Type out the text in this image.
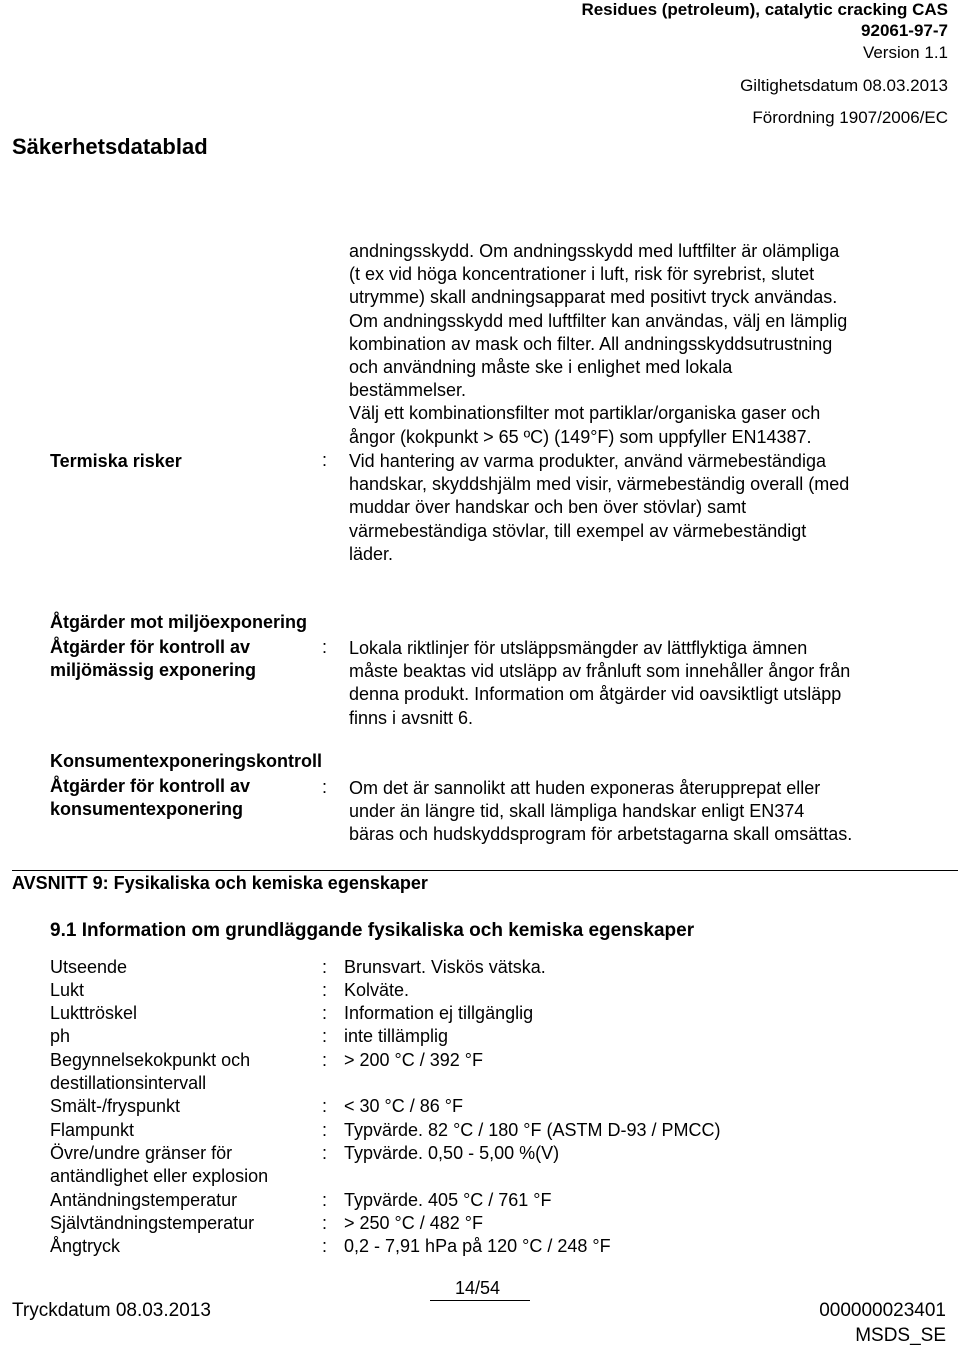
Residues (petroleum), catalytic cracking CAS
92061-97-7
Version 1.1
Giltighetsdatum 08.03.2013
Förordning 1907/2006/EC
Säkerhetsdatablad

andningsskydd. Om andningsskydd med luftfilter är olämpliga

(t ex vid höga koncentrationer i luft, risk för syrebrist, slutet

utrymme) skall andningsapparat med positivt tryck användas.

Om andningsskydd med luftfilter kan användas, välj en lämplig

kombination av mask och filter. All andningsskyddsutrustning

och användning måste ske i enlighet med lokala

bestämmelser.

Välj ett kombinationsfilter mot partiklar/organiska gaser och

ångor (kokpunkt > 65 ºC) (149°F) som uppfyller EN14387.

Termiska risker	: Vid hantering av varma produkter, använd värmebeständiga

handskar, skyddshjälm med visir, värmebeständig overall (med

muddar över handskar och ben över stövlar) samt

värmebeständiga stövlar, till exempel av värmebeständigt

läder.

Åtgärder mot miljöexponering
Åtgärder för kontroll av
miljömässig exponering
: Lokala riktlinjer för utsläppsmängder av lättflyktiga ämnen

måste beaktas vid utsläpp av frånluft som innehåller ångor från

denna produkt. Information om åtgärder vid oavsiktligt utsläpp

finns i avsnitt 6.

Konsumentexponeringskontroll
Åtgärder för kontroll av
konsumentexponering
: Om det är sannolikt att huden exponeras återupprepat eller

under än längre tid, skall lämpliga handskar enligt EN374

bäras och hudskyddsprogram för arbetstagarna skall omsättas.

AVSNITT 9: Fysikaliska och kemiska egenskaper
9.1 Information om grundläggande fysikaliska och kemiska egenskaper
Utseende	: Brunsvart. Viskös vätska.
Lukt	: Kolväte.
Lukttröskel	: Information ej tillgänglig
ph	: inte tillämplig
Begynnelsekokpunkt och
destillationsintervall
: > 200 °C / 392 °F
Smält-/fryspunkt	: < 30 °C / 86 °F
Flampunkt	: Typvärde. 82 °C / 180 °F (ASTM D-93 / PMCC)
Övre/undre gränser för
antändlighet eller explosion
: Typvärde. 0,50 - 5,00 %(V)
Antändningstemperatur	: Typvärde. 405 °C / 761 °F
Självtändningstemperatur	: > 250 °C / 482 °F
Ångtryck	: 0,2 - 7,91 hPa på 120 °C / 248 °F
14/54
Tryckdatum 08.03.2013	000000023401
MSDS_SE
